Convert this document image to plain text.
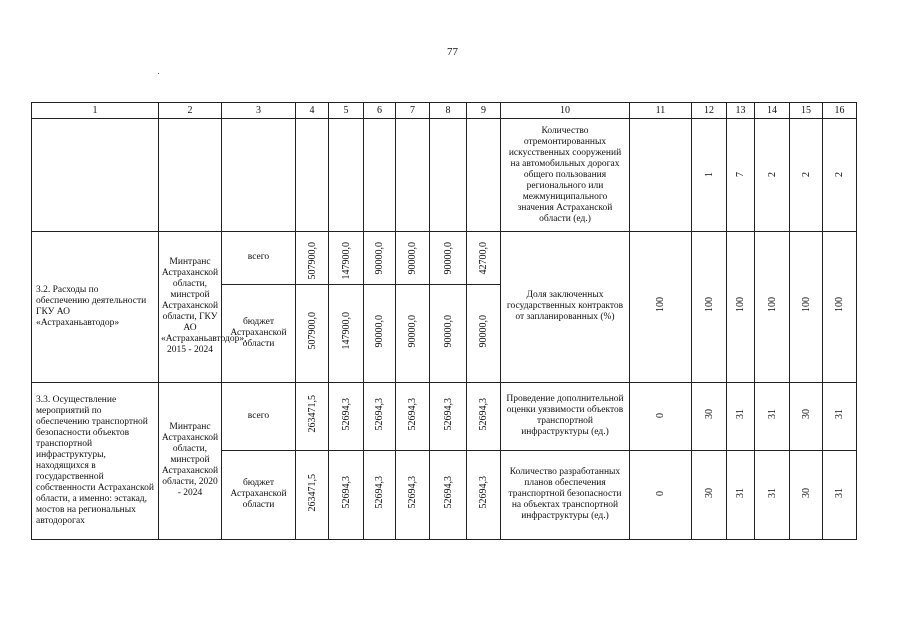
77
1	2	3	4	5	6	7	8	9	10	11	12	13	14	15	16
									Количество отремонтированных искусственных сооружений на автомобильных дорогах общего пользования регионального или межмуниципального значения Астраханской области (ед.)		1	7	2	2	2
3.2. Расходы по обеспечению деятельности ГКУ АО «Астраханьавтодор»	Минтранс Астраханской области, минстрой Астраханской области, ГКУ АО «Астраханьавтодор», 2015 - 2024	всего	507900,0	147900,0	90000,0	90000,0	90000,0	42700,0	Доля заключенных государственных контрактов от запланированных (%)	100	100	100	100	100	100
		бюджет Астраханской области	507900,0	147900,0	90000,0	90000,0	90000,0	90000,0							
3.3. Осуществление мероприятий по обеспечению транспортной безопасности объектов транспортной инфраструктуры, находящихся в государственной собственности Астраханской области, а именно: эстакад, мостов на региональных автодорогах	Минтранс Астраханской области, минстрой Астраханской области, 2020 - 2024	всего	263471,5	52694,3	52694,3	52694,3	52694,3	52694,3	Проведение дополнительной оценки уязвимости объектов транспортной инфраструктуры (ед.)	0	30	31	31	30	31
		бюджет Астраханской области	263471,5	52694,3	52694,3	52694,3	52694,3	52694,3	Количество разработанных планов обеспечения транспортной безопасности на объектах транспортной инфраструктуры (ед.)	0	30	31	31	30	31
